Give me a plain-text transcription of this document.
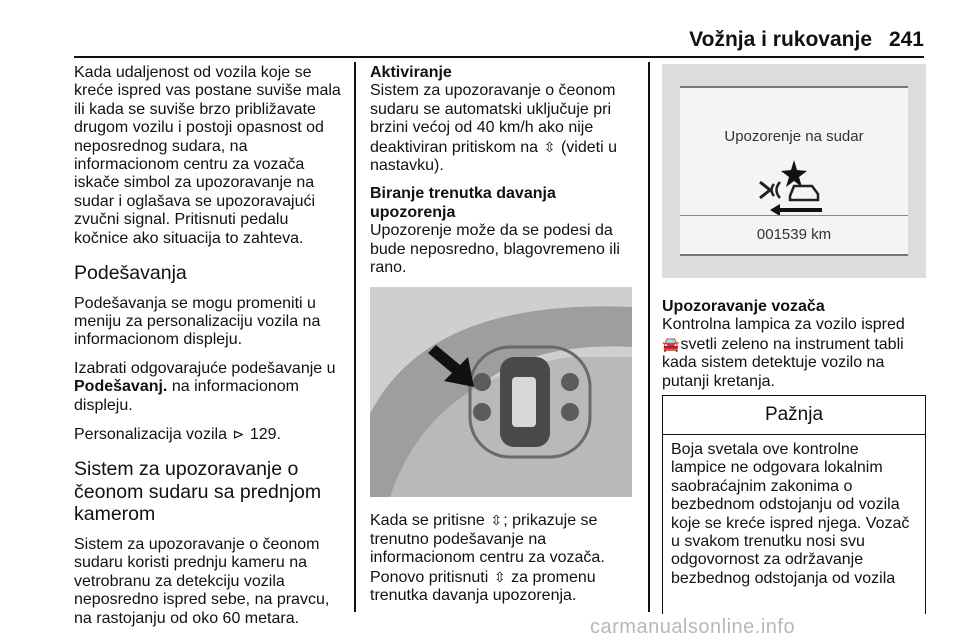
Vožnja i rukovanje 241

Kada udaljenost od vozila koje se
kreće ispred vas postane suviše mala
ili kada se suviše brzo približavate
drugom vozilu i postoji opasnost od
neposrednog sudara, na
informacionom centru za vozača
iskače simbol za upozoravanje na
sudar i oglašava se upozoravajući
zvučni signal. Pritisnuti pedalu
kočnice ako situacija to zahteva.

Podešavanja

Podešavanja se mogu promeniti u
meniju za personalizaciju vozila na
informacionom displeju.

Izabrati odgovarajuće podešavanje u
Podešavanj. na informacionom
displeju.

Personalizacija vozila ⊳ 129.

Sistem za upozoravanje o
čeonom sudaru sa prednjom
kamerom

Sistem za upozoravanje o čeonom
sudaru koristi prednju kameru na
vetrobranu za detekciju vozila
neposredno ispred sebe, na pravcu,
na rastojanju od oko 60 metara.

Aktiviranje

Sistem za upozoravanje o čeonom
sudaru se automatski uključuje pri
brzini većoj od 40 km/h ako nije
deaktiviran pritiskom na ⇳ (videti u
nastavku).

Biranje trenutka davanja upozorenja

Upozorenje može da se podesi da
bude neposredno, blagovremeno ili
rano.

Kada se pritisne ⇳; prikazuje se
trenutno podešavanje na
informacionom centru za vozača.
Ponovo pritisnuti ⇳ za promenu
trenutka davanja upozorenja.

Upozorenje na sudar
001539 km
Upozoravanje vozača

Kontrolna lampica za vozilo ispred
🚘 svetli zeleno na instrument tabli
kada sistem detektuje vozilo na
putanji kretanja.

Pažnja
Boja svetala ove kontrolne
lampice ne odgovara lokalnim
saobraćajnim zakonima o
bezbednom odstojanju od vozila
koje se kreće ispred njega. Vozač
u svakom trenutku nosi svu
odgovornost za održavanje
bezbednog odstojanja od vozila
carmanualsonline.info
